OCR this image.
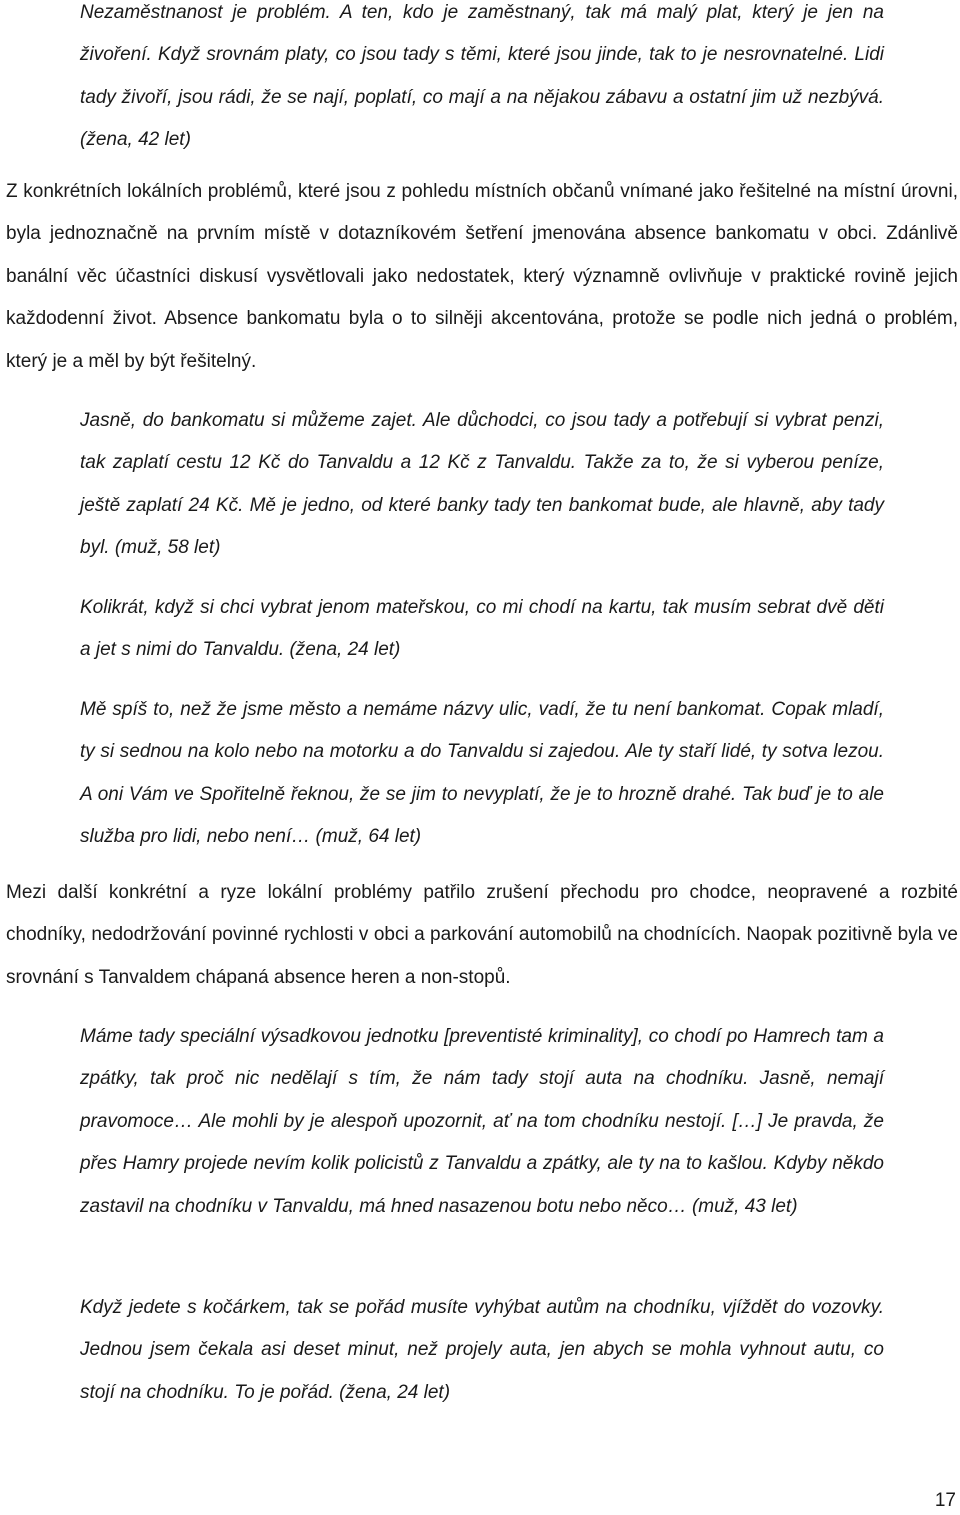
Nezaměstnanost je problém. A ten, kdo je zaměstnaný, tak má malý plat, který je jen na živoření. Když srovnám platy, co jsou tady s těmi, které jsou jinde, tak to je nesrovnatelné. Lidi tady živoří, jsou rádi, že se nají, poplatí, co mají a na nějakou zábavu a ostatní jim už nezbývá. (žena, 42 let)

Z konkrétních lokálních problémů, které jsou z pohledu místních občanů vnímané jako řešitelné na místní úrovni, byla jednoznačně na prvním místě v dotazníkovém šetření jmenována absence bankomatu v obci. Zdánlivě banální věc účastníci diskusí vysvětlovali jako nedostatek, který významně ovlivňuje v praktické rovině jejich každodenní život. Absence bankomatu byla o to silněji akcentována, protože se podle nich jedná o problém, který je a měl by být řešitelný.

Jasně, do bankomatu si můžeme zajet. Ale důchodci, co jsou tady a potřebují si vybrat penzi, tak zaplatí cestu 12 Kč do Tanvaldu a 12 Kč z Tanvaldu. Takže za to, že si vyberou peníze, ještě zaplatí 24 Kč. Mě je jedno, od které banky tady ten bankomat bude, ale hlavně, aby tady byl. (muž, 58 let)

Kolikrát, když si chci vybrat jenom mateřskou, co mi chodí na kartu, tak musím sebrat dvě děti a jet s nimi do Tanvaldu. (žena, 24 let)

Mě spíš to, než že jsme město a nemáme názvy ulic, vadí, že tu není bankomat. Copak mladí, ty si sednou na kolo nebo na motorku a do Tanvaldu si zajedou. Ale ty staří lidé, ty sotva lezou. A oni Vám ve Spořitelně řeknou, že se jim to nevyplatí, že je to hrozně drahé. Tak buď je to ale služba pro lidi, nebo není… (muž, 64 let)

Mezi další konkrétní a ryze lokální problémy patřilo zrušení přechodu pro chodce, neopravené a rozbité chodníky, nedodržování povinné rychlosti v obci a parkování automobilů na chodnících. Naopak pozitivně byla ve srovnání s Tanvaldem chápaná absence heren a non-stopů.

Máme tady speciální výsadkovou jednotku [preventisté kriminality], co chodí po Hamrech tam a zpátky, tak proč nic nedělají s tím, že nám tady stojí auta na chodníku. Jasně, nemají pravomoce… Ale mohli by je alespoň upozornit, ať na tom chodníku nestojí. […] Je pravda, že přes Hamry projede nevím kolik policistů z Tanvaldu a zpátky, ale ty na to kašlou. Kdyby někdo zastavil na chodníku v Tanvaldu, má hned nasazenou botu nebo něco… (muž, 43 let)

Když jedete s kočárkem, tak se pořád musíte vyhýbat autům na chodníku, vjíždět do vozovky. Jednou jsem čekala asi deset minut, než projely auta, jen abych se mohla vyhnout autu, co stojí na chodníku. To je pořád. (žena, 24 let)

17
